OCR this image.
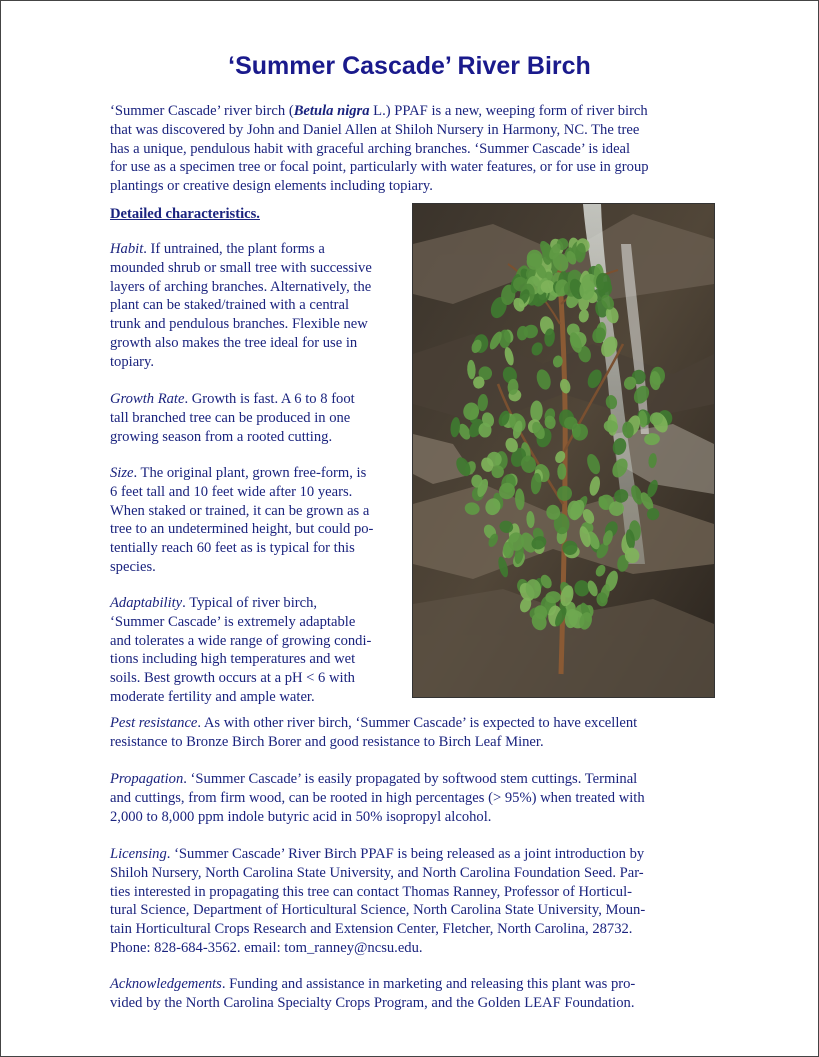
‘Summer Cascade’ River Birch

‘Summer Cascade’ river birch (Betula nigra L.) PPAF is a new, weeping form of river birch

that was discovered by John and Daniel Allen at Shiloh Nursery in Harmony, NC. The tree

has a unique, pendulous habit with graceful arching branches. ‘Summer Cascade’ is ideal

for use as a specimen tree or focal point, particularly with water features, or for use in group

plantings or creative design elements including topiary.

Detailed characteristics.

Habit. If untrained, the plant forms a

mounded shrub or small tree with successive

layers of arching branches. Alternatively, the

plant can be staked/trained with a central

trunk and pendulous branches. Flexible new

growth also makes the tree ideal for use in

topiary.

Growth Rate. Growth is fast. A 6 to 8 foot

tall branched tree can be produced in one

growing season from a rooted cutting.

Size. The original plant, grown free-form, is

6 feet tall and 10 feet wide after 10 years.

When staked or trained, it can be grown as a

tree to an undetermined height, but could po-

tentially reach 60 feet as is typical for this

species.

Adaptability. Typical of river birch,

‘Summer Cascade’ is extremely adaptable

and tolerates a wide range of growing condi-

tions including high temperatures and wet

soils. Best growth occurs at a pH < 6 with

moderate fertility and ample water.

Pest resistance. As with other river birch, ‘Summer Cascade’ is expected to have excellent

resistance to Bronze Birch Borer and good resistance to Birch Leaf Miner.

Propagation. ‘Summer Cascade’ is easily propagated by softwood stem cuttings. Terminal

and cuttings, from firm wood, can be rooted in high percentages (> 95%) when treated with

2,000 to 8,000 ppm indole butyric acid in 50% isopropyl alcohol.

Licensing. ‘Summer Cascade’ River Birch PPAF is being released as a joint introduction by

Shiloh Nursery, North Carolina State University, and North Carolina Foundation Seed. Par-

ties interested in propagating this tree can contact Thomas Ranney, Professor of Horticul-

tural Science, Department of Horticultural Science, North Carolina State University, Moun-

tain Horticultural Crops Research and Extension Center, Fletcher, North Carolina, 28732.

Phone: 828-684-3562. email: tom_ranney@ncsu.edu.

Acknowledgements. Funding and assistance in marketing and releasing this plant was pro-

vided by the North Carolina Specialty Crops Program, and the Golden LEAF Foundation.
